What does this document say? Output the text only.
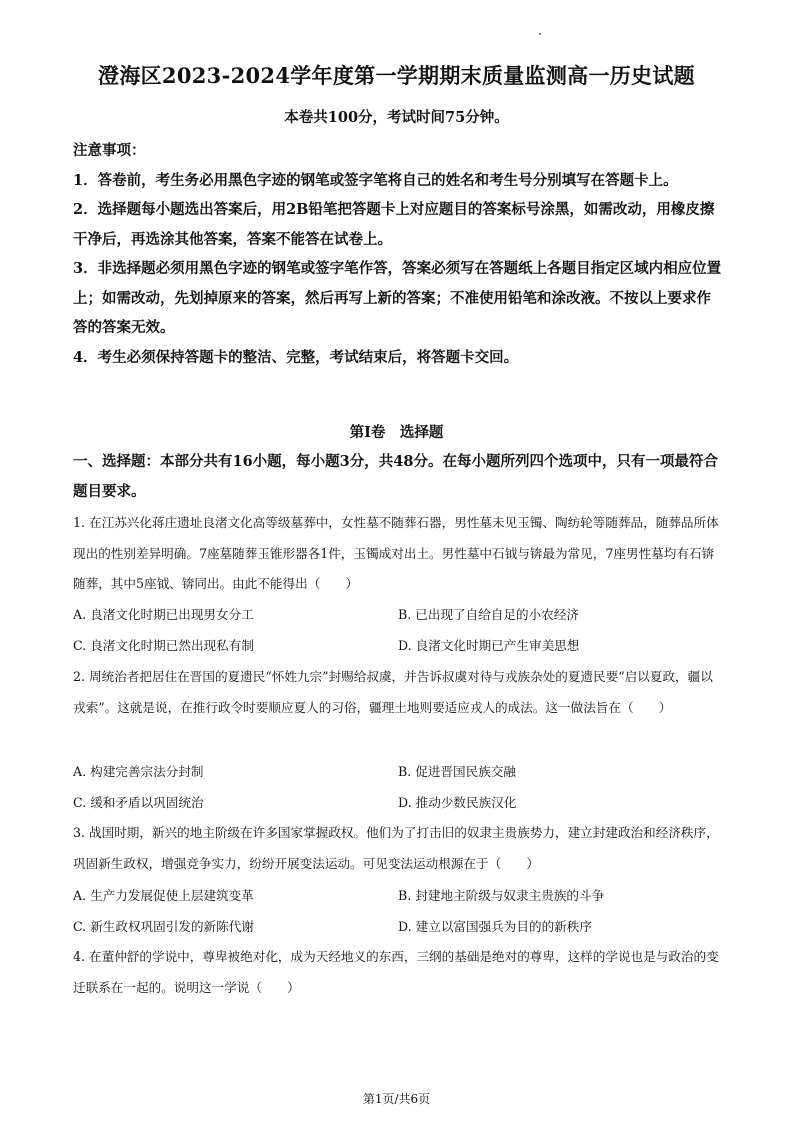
澄海区2023-2024学年度第一学期期末质量监测高一历史试题
本卷共100分，考试时间75分钟。

注意事项：

1．答卷前，考生务必用黑色字迹的钢笔或签字笔将自己的姓名和考生号分别填写在答题卡上。

2．选择题每小题选出答案后，用2B铅笔把答题卡上对应题目的答案标号涂黑，如需改动，用橡皮擦干净后，再选涂其他答案，答案不能答在试卷上。

3．非选择题必须用黑色字迹的钢笔或签字笔作答，答案必须写在答题纸上各题目指定区域内相应位置上；如需改动，先划掉原来的答案，然后再写上新的答案；不准使用铅笔和涂改液。不按以上要求作答的答案无效。

4．考生必须保持答题卡的整洁、完整，考试结束后，将答题卡交回。

第Ⅰ卷　选择题

一、选择题：本部分共有16小题，每小题3分，共48分。在每小题所列四个选项中，只有一项最符合题目要求。

1. 在江苏兴化蒋庄遗址良渚文化高等级墓葬中，女性墓不随葬石器，男性墓未见玉镯、陶纺轮等随葬品，随葬品所体现出的性别差异明确。7座墓随葬玉锥形器各1件，玉镯成对出土。男性墓中石钺与锛最为常见，7座男性墓均有石锛随葬，其中5座钺、锛同出。由此不能得出（　　）

A. 良渚文化时期已出现男女分工	B. 已出现了自给自足的小农经济
C. 良渚文化时期已然出现私有制	D. 良渚文化时期已产生审美思想

2. 周统治者把居住在晋国的夏遗民“怀姓九宗”封赐给叔虞，并告诉叔虞对待与戎族杂处的夏遗民要“启以夏政，疆以戎索”。这就是说，在推行政令时要顺应夏人的习俗，疆理土地则要适应戎人的成法。这一做法旨在（　　）

A. 构建完善宗法分封制	B. 促进晋国民族交融
C. 缓和矛盾以巩固统治	D. 推动少数民族汉化

3. 战国时期，新兴的地主阶级在许多国家掌握政权。他们为了打击旧的奴隶主贵族势力，建立封建政治和经济秩序，巩固新生政权，增强竞争实力，纷纷开展变法运动。可见变法运动根源在于（　　）

A. 生产力发展促使上层建筑变革	B. 封建地主阶级与奴隶主贵族的斗争
C. 新生政权巩固引发的新陈代谢	D. 建立以富国强兵为目的的新秩序

4. 在董仲舒的学说中，尊卑被绝对化，成为天经地义的东西，三纲的基础是绝对的尊卑，这样的学说也是与政治的变迁联系在一起的。说明这一学说（　　）

第1页/共6页
